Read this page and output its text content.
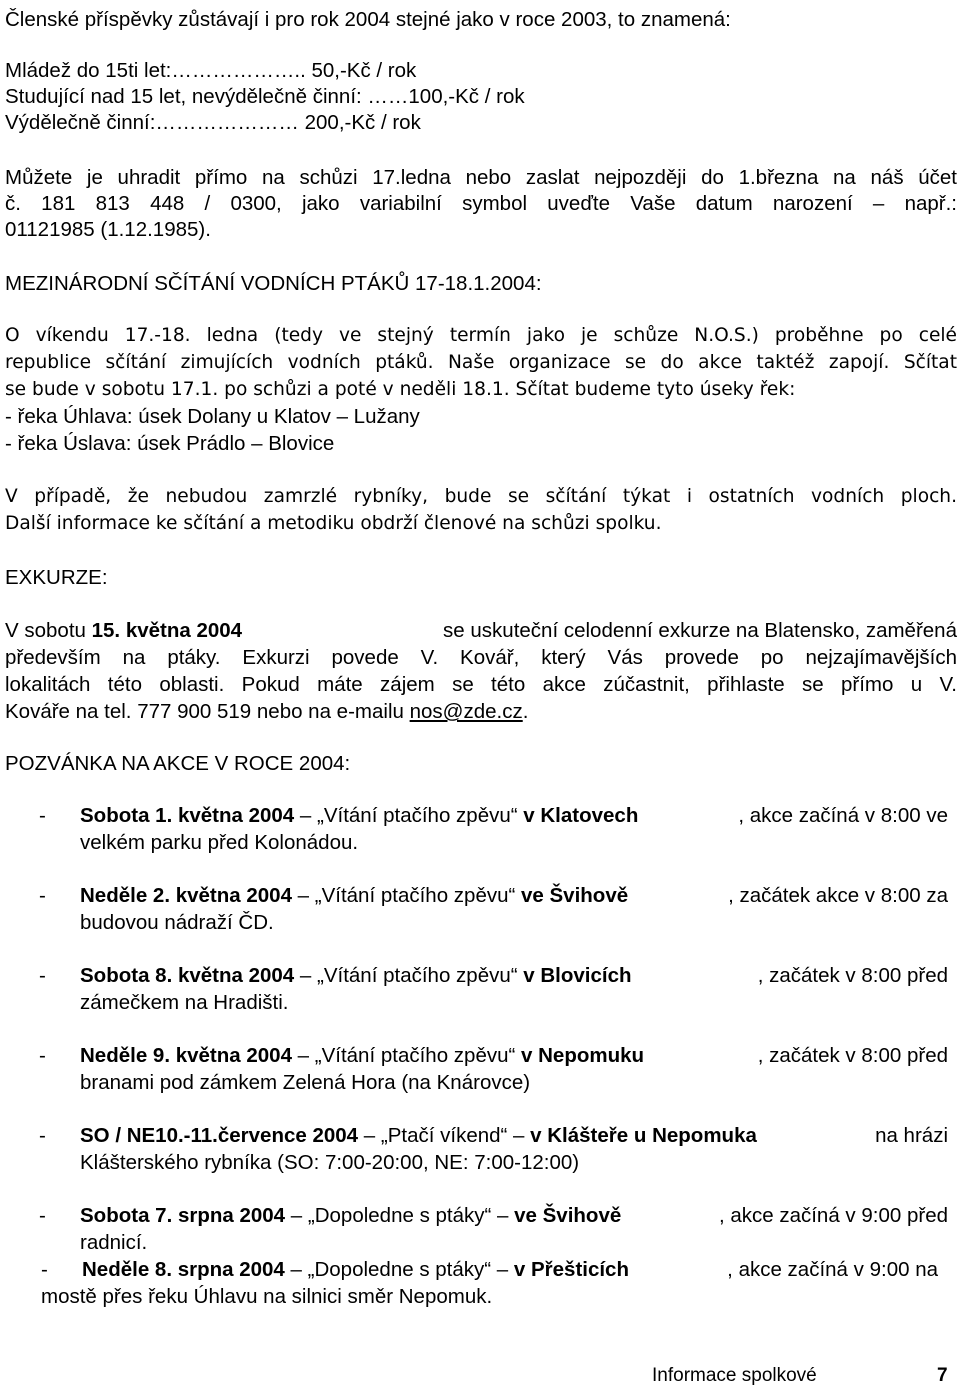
Členské příspěvky zůstávají i pro rok 2004 stejné jako v roce 2003, to znamená:
Mládež do 15ti let:……………….. 50,-Kč / rok
Studující nad 15 let, nevýdělečně činní: ……100,-Kč / rok
Výdělečně činní:………………… 200,-Kč / rok
Můžete je uhradit přímo na schůzi 17.ledna nebo zaslat nejpozději do 1.března na náš účet
č. 181 813 448 / 0300, jako variabilní symbol uveďte Vaše datum narození – např.:
01121985 (1.12.1985).
MEZINÁRODNÍ SČÍTÁNÍ VODNÍCH PTÁKŮ 17-18.1.2004:
O víkendu 17.-18. ledna (tedy ve stejný termín jako je schůze N.O.S.) proběhne po celé
republice sčítání zimujících vodních ptáků. Naše organizace se do akce taktéž zapojí. Sčítat
se bude v sobotu 17.1. po schůzi a poté v neděli 18.1. Sčítat budeme tyto úseky řek:
- řeka Úhlava: úsek Dolany u Klatov – Lužany
- řeka Úslava: úsek Prádlo – Blovice
V případě, že nebudou zamrzlé rybníky, bude se sčítání týkat i ostatních vodních ploch.
Další informace ke sčítání a metodiku obdrží členové na schůzi spolku.
EXKURZE:
V sobotu 15. května 2004	se uskuteční celodenní exkurze na Blatensko, zaměřená
především na ptáky. Exkurzi povede V. Kovář, který Vás provede po nejzajímavějších
lokalitách této oblasti. Pokud máte zájem se této akce zúčastnit, přihlaste se přímo u V.
Kováře na tel. 777 900 519 nebo na e-mailu nos@zde.cz.
POZVÁNKA NA AKCE V ROCE 2004:
- Sobota 1. května 2004 – „Vítání ptačího zpěvu“ v Klatovech	, akce začíná v 8:00 ve
velkém parku před Kolonádou.
- Neděle 2. května 2004 – „Vítání ptačího zpěvu“ ve Švihově	, začátek akce v 8:00 za
budovou nádraží ČD.
- Sobota 8. května 2004 – „Vítání ptačího zpěvu“ v Blovicích	, začátek v 8:00 před
zámečkem na Hradišti.
- Neděle 9. května 2004 – „Vítání ptačího zpěvu“ v Nepomuku	, začátek v 8:00 před
branami pod zámkem Zelená Hora (na Knárovce)
- SO / NE10.-11.července 2004 – „Ptačí víkend“ – v Klášteře u Nepomuka	na hrázi
Klášterského rybníka (SO: 7:00-20:00, NE: 7:00-12:00)
- Sobota 7. srpna 2004 – „Dopoledne s ptáky“ – ve Švihově	, akce začíná v 9:00 před
radnicí.
- Neděle 8. srpna 2004 – „Dopoledne s ptáky“ – v Přešticích	, akce začíná v 9:00 na
mostě přes řeku Úhlavu na silnici směr Nepomuk.
Informace spolkové	7
